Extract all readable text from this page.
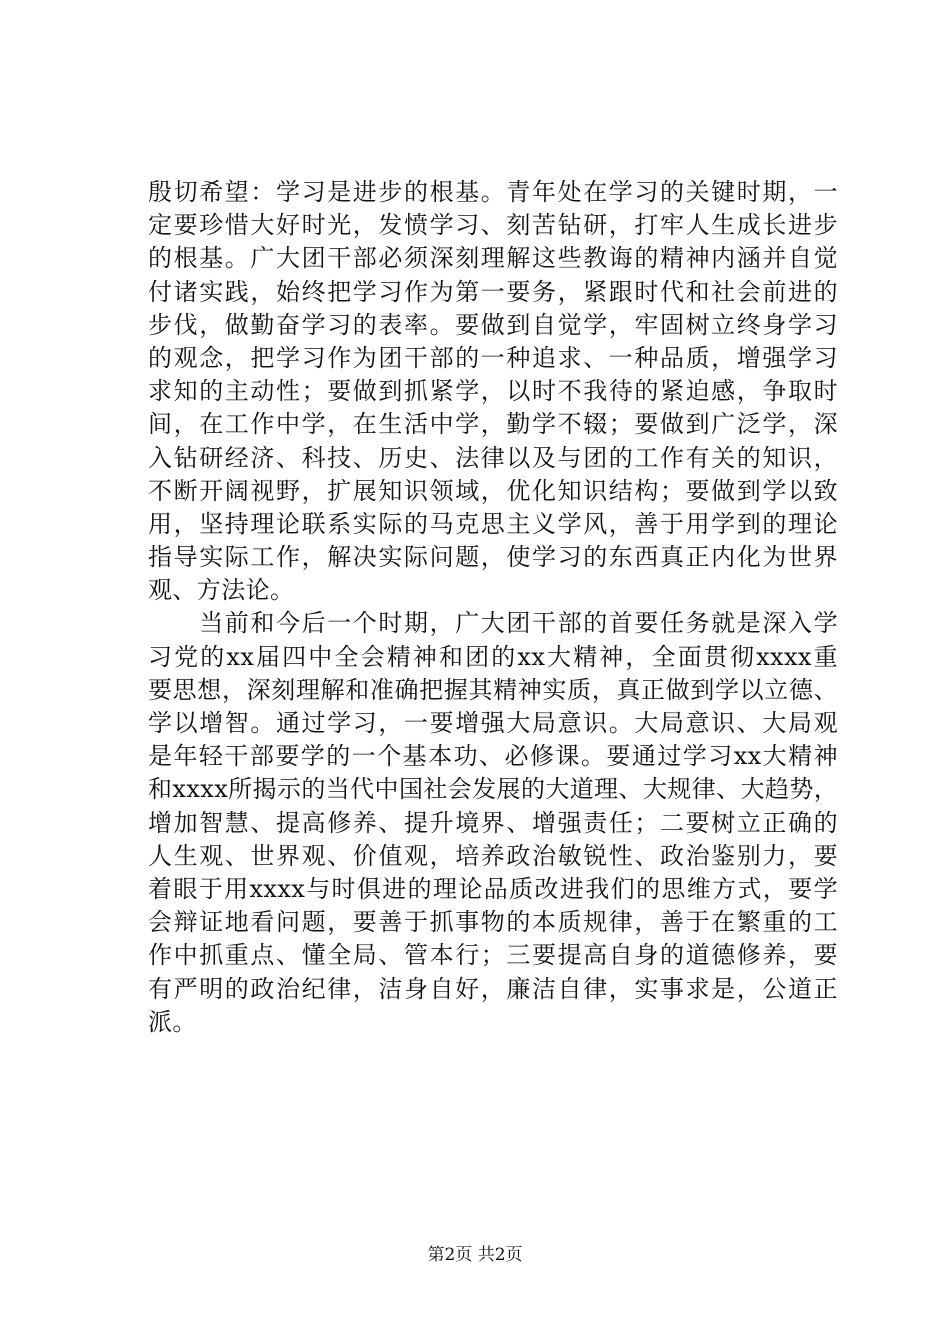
殷切希望：学习是进步的根基。青年处在学习的关键时期，一
定要珍惜大好时光，发愤学习、刻苦钻研，打牢人生成长进步
的根基。广大团干部必须深刻理解这些教诲的精神内涵并自觉
付诸实践，始终把学习作为第一要务，紧跟时代和社会前进的
步伐，做勤奋学习的表率。要做到自觉学，牢固树立终身学习
的观念，把学习作为团干部的一种追求、一种品质，增强学习
求知的主动性；要做到抓紧学，以时不我待的紧迫感，争取时
间，在工作中学，在生活中学，勤学不辍；要做到广泛学，深
入钻研经济、科技、历史、法律以及与团的工作有关的知识，
不断开阔视野，扩展知识领域，优化知识结构；要做到学以致
用，坚持理论联系实际的马克思主义学风，善于用学到的理论
指导实际工作，解决实际问题，使学习的东西真正内化为世界
观、方法论。
　　当前和今后一个时期，广大团干部的首要任务就是深入学
习党的xx届四中全会精神和团的xx大精神，全面贯彻xxxx重
要思想，深刻理解和准确把握其精神实质，真正做到学以立德、
学以增智。通过学习，一要增强大局意识。大局意识、大局观
是年轻干部要学的一个基本功、必修课。要通过学习xx大精神
和xxxx所揭示的当代中国社会发展的大道理、大规律、大趋势，
增加智慧、提高修养、提升境界、增强责任；二要树立正确的
人生观、世界观、价值观，培养政治敏锐性、政治鉴别力，要
着眼于用xxxx与时俱进的理论品质改进我们的思维方式，要学
会辩证地看问题，要善于抓事物的本质规律，善于在繁重的工
作中抓重点、懂全局、管本行；三要提高自身的道德修养，要
有严明的政治纪律，洁身自好，廉洁自律，实事求是，公道正
派。
第2页 共2页
